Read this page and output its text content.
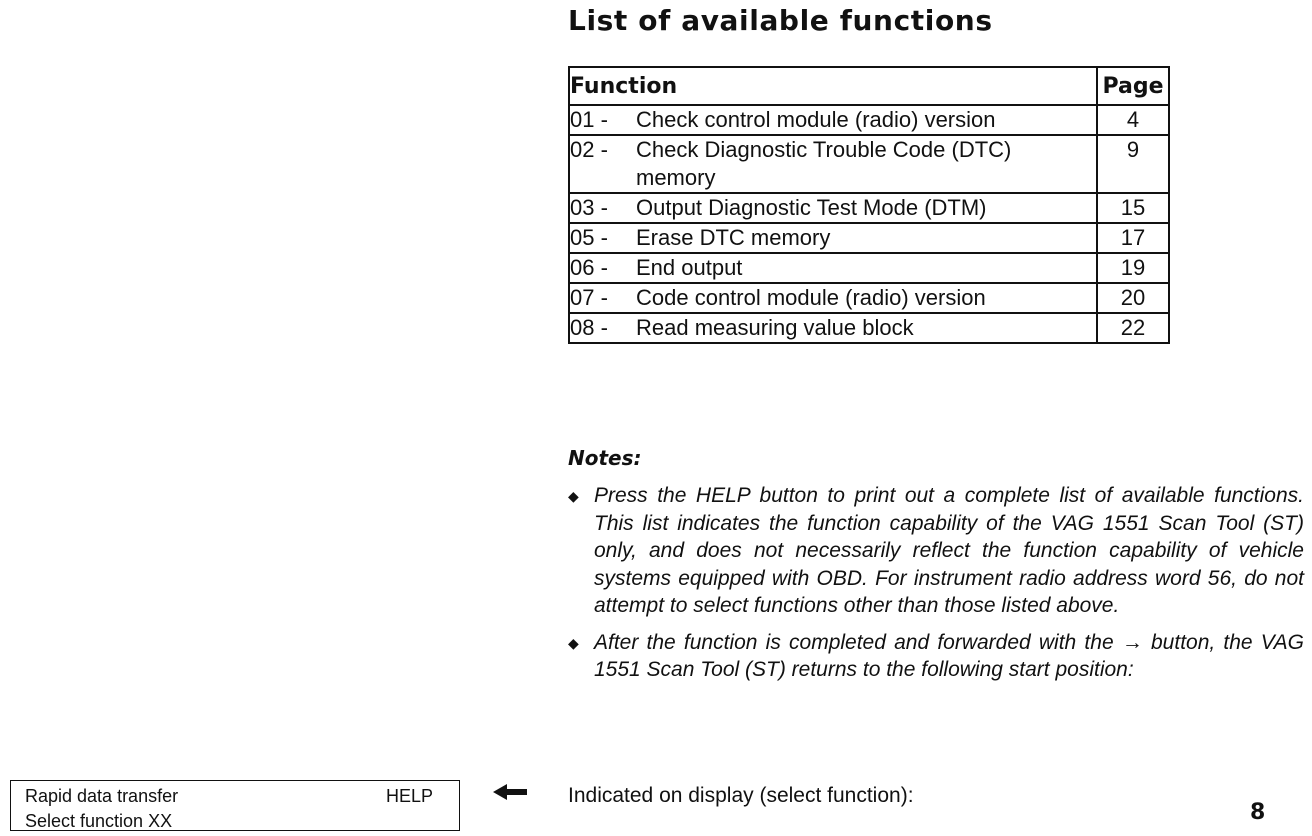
List of available functions
Function	Page

01 - Check control module (radio) version	4

02 - Check Diagnostic Trouble Code (DTC) memory	9

03 - Output Diagnostic Test Mode (DTM)	15

05 - Erase DTC memory	17

06 - End output	19

07 - Code control module (radio) version	20

08 - Read measuring value block	22
Notes:
◆ Press the HELP button to print out a complete list of available functions. This list indicates the function capability of the VAG 1551 Scan Tool (ST) only, and does not necessarily reflect the function capability of vehicle systems equipped with OBD. For instrument radio address word 56, do not attempt to select functions other than those listed above.
◆ After the function is completed and forwarded with the → button, the VAG 1551 Scan Tool (ST) returns to the following start position:
Rapid data transfer	HELP
Select function XX
Indicated on display (select function):
8
